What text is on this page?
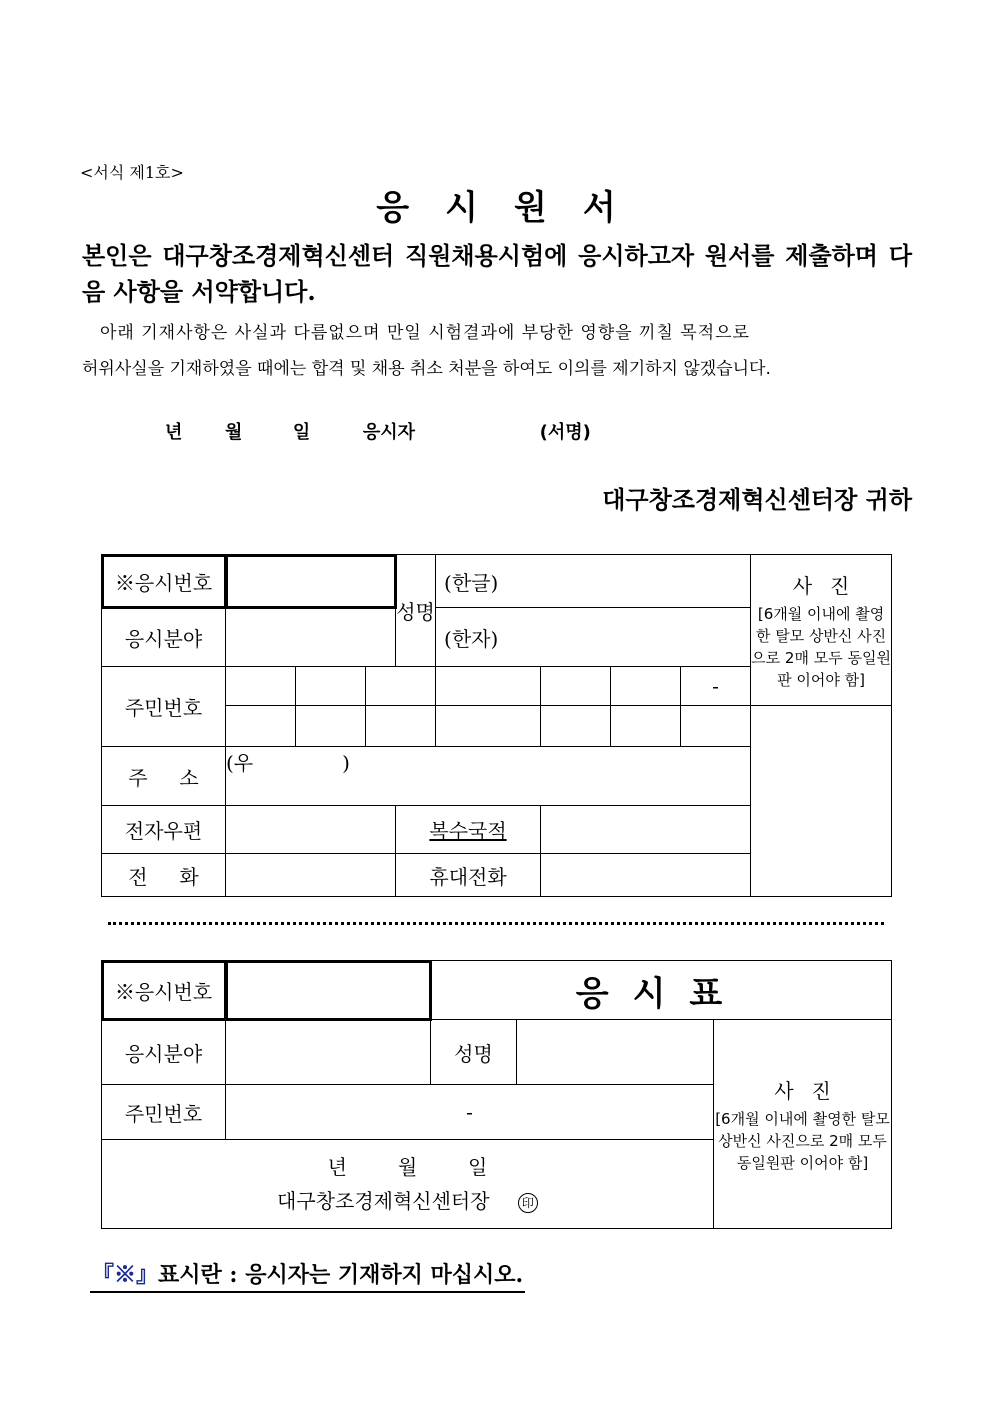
<서식 제1호>
응시원서
본인은 대구창조경제혁신센터 직원채용시험에 응시하고자 원서를 제출하며 다음 사항을 서약합니다.
아래 기재사항은 사실과 다름없으며 만일 시험결과에 부당한 영향을 끼칠 목적으로
허위사실을 기재하였을 때에는 합격 및 채용 취소 처분을 하여도 이의를 제기하지 않겠습니다.
년 월	일	응시자	(서명)
대구창조경제혁신센터장 귀하
※응시번호				성명	(한글)				사진
[6개월 이내에 촬영한 탈모 상반신 사진으로 2매 모두 동일원판 이어야 함]

응시분야					(한자)				
주민번호								-	

주     소	(우              )								
전자우편				복수국적					
전     화				휴대전화					
※응시번호		응시표		
응시분야		성명		사진
[6개월 이내에 촬영한 탈모 상반신 사진으로 2매 모두 동일원판 이어야 함]

주민번호	-			

년        월        일
대구창조경제혁신센터장 印				
『※』표시란 : 응시자는 기재하지 마십시오.
